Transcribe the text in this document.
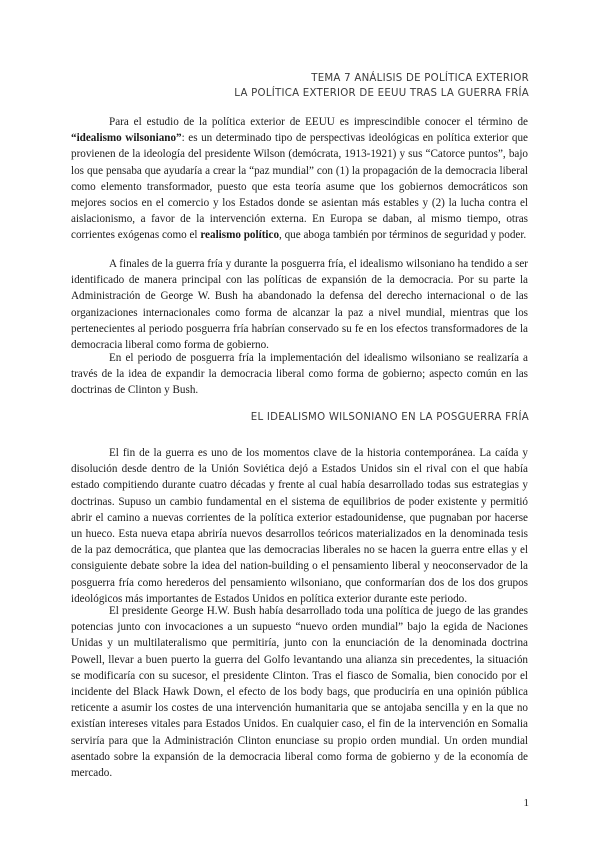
TEMA 7 ANÁLISIS DE POLÍTICA EXTERIOR
LA POLÍTICA EXTERIOR DE EEUU TRAS LA GUERRA FRÍA

Para el estudio de la política exterior de EEUU es imprescindible conocer el término de “idealismo wilsoniano”: es un determinado tipo de perspectivas ideológicas en política exterior que provienen de la ideología del presidente Wilson (demócrata, 1913-1921) y sus “Catorce puntos”, bajo los que pensaba que ayudaría a crear la “paz mundial” con (1) la propagación de la democracia liberal como elemento transformador, puesto que esta teoría asume que los gobiernos democráticos son mejores socios en el comercio y los Estados donde se asientan más estables y (2) la lucha contra el aislacionismo, a favor de la intervención externa. En Europa se daban, al mismo tiempo, otras corrientes exógenas como el realismo político, que aboga también por términos de seguridad y poder.

A finales de la guerra fría y durante la posguerra fría, el idealismo wilsoniano ha tendido a ser identificado de manera principal con las políticas de expansión de la democracia. Por su parte la Administración de George W. Bush ha abandonado la defensa del derecho internacional o de las organizaciones internacionales como forma de alcanzar la paz a nivel mundial, mientras que los pertenecientes al periodo posguerra fría habrían conservado su fe en los efectos transformadores de la democracia liberal como forma de gobierno.

En el periodo de posguerra fría la implementación del idealismo wilsoniano se realizaría a través de la idea de expandir la democracia liberal como forma de gobierno; aspecto común en las doctrinas de Clinton y Bush.

EL IDEALISMO WILSONIANO EN LA POSGUERRA FRÍA

El fin de la guerra es uno de los momentos clave de la historia contemporánea. La caída y disolución desde dentro de la Unión Soviética dejó a Estados Unidos sin el rival con el que había estado compitiendo durante cuatro décadas y frente al cual había desarrollado todas sus estrategias y doctrinas. Supuso un cambio fundamental en el sistema de equilibrios de poder existente y permitió abrir el camino a nuevas corrientes de la política exterior estadounidense, que pugnaban por hacerse un hueco. Esta nueva etapa abriría nuevos desarrollos teóricos materializados en la denominada tesis de la paz democrática, que plantea que las democracias liberales no se hacen la guerra entre ellas y el consiguiente debate sobre la idea del nation-building o el pensamiento liberal y neoconservador de la posguerra fría como herederos del pensamiento wilsoniano, que conformarían dos de los dos grupos ideológicos más importantes de Estados Unidos en política exterior durante este periodo.

El presidente George H.W. Bush había desarrollado toda una política de juego de las grandes potencias junto con invocaciones a un supuesto “nuevo orden mundial” bajo la egida de Naciones Unidas y un multilateralismo que permitiría, junto con la enunciación de la denominada doctrina Powell, llevar a buen puerto la guerra del Golfo levantando una alianza sin precedentes, la situación se modificaría con su sucesor, el presidente Clinton. Tras el fiasco de Somalia, bien conocido por el incidente del Black Hawk Down, el efecto de los body bags, que produciría en una opinión pública reticente a asumir los costes de una intervención humanitaria que se antojaba sencilla y en la que no existían intereses vitales para Estados Unidos. En cualquier caso, el fin de la intervención en Somalia serviría para que la Administración Clinton enunciase su propio orden mundial. Un orden mundial asentado sobre la expansión de la democracia liberal como forma de gobierno y de la economía de mercado.

1
